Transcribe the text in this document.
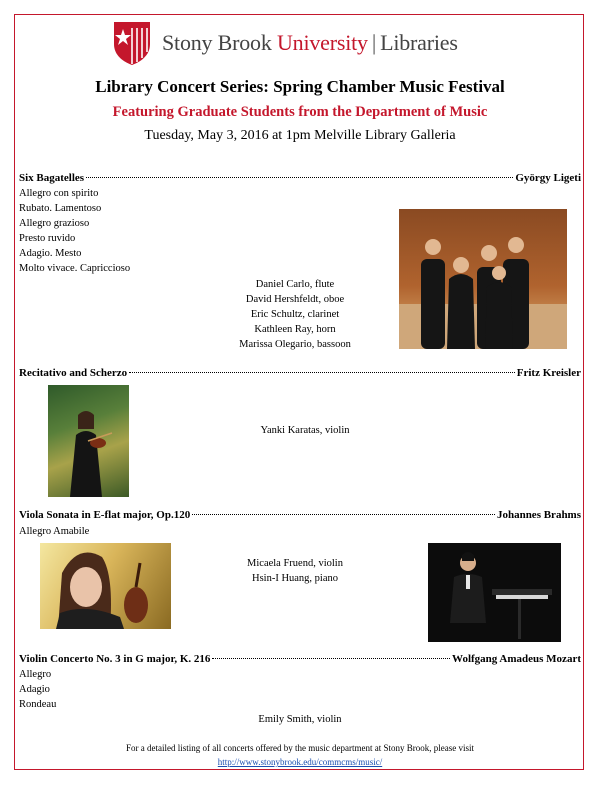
Stony Brook University | Libraries
Library Concert Series: Spring Chamber Music Festival
Featuring Graduate Students from the Department of Music
Tuesday, May 3, 2016 at 1pm Melville Library Galleria
Six Bagatelles	György Ligeti
Allegro con spirito
Rubato. Lamentoso
Allegro grazioso
Presto ruvido
Adagio. Mesto
Molto vivace. Capriccioso
Daniel Carlo, flute
David Hershfeldt, oboe
Eric Schultz, clarinet
Kathleen Ray, horn
Marissa Olegario, bassoon
Recitativo and Scherzo	Fritz Kreisler
Yanki Karatas, violin
Viola Sonata in E-flat major, Op.120	Johannes Brahms
Allegro Amabile
Micaela Fruend, violin
Hsin-I Huang, piano
Violin Concerto No. 3 in G major, K. 216	Wolfgang Amadeus Mozart
Allegro
Adagio
Rondeau
Emily Smith, violin
For a detailed listing of all concerts offered by the music department at Stony Brook, please visit
http://www.stonybrook.edu/commcms/music/
